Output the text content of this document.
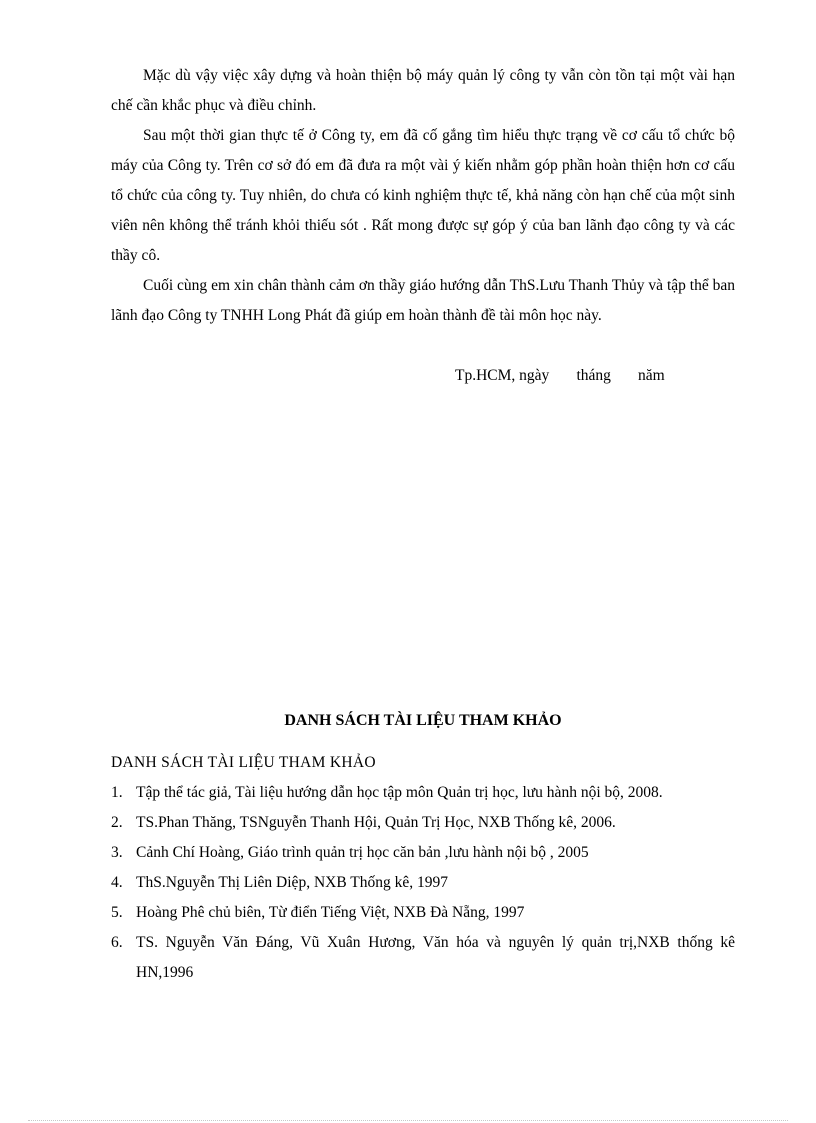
Mặc dù vậy việc xây dựng và hoàn thiện bộ máy quản lý công ty vẫn còn tồn tại một vài hạn chế cần khắc phục và điều chỉnh.

Sau một thời gian thực tế ở Công ty, em đã cố gắng tìm hiểu thực trạng về cơ cấu tổ chức bộ máy của Công ty. Trên cơ sở đó em đã đưa ra một vài ý kiến nhằm góp phần hoàn thiện hơn cơ cấu tổ chức của công ty. Tuy nhiên, do chưa có kinh nghiệm thực tế, khả năng còn hạn chế của một sinh viên nên không thể tránh khỏi thiếu sót . Rất mong được sự góp ý của ban lãnh đạo công ty và các thầy cô.

Cuối cùng em xin chân thành cảm ơn thầy giáo hướng dẫn ThS.Lưu Thanh Thủy và tập thể ban lãnh đạo Công ty TNHH Long Phát đã giúp em hoàn thành đề tài môn học này.

Tp.HCM, ngày tháng năm
DANH SÁCH TÀI LIỆU THAM KHẢO
DANH SÁCH TÀI LIỆU THAM KHẢO
1. Tập thể tác giả, Tài liệu hướng dẫn học tập môn Quản trị học, lưu hành nội bộ, 2008.
2. TS.Phan Thăng, TSNguyễn Thanh Hội, Quản Trị Học, NXB Thống kê, 2006.
3. Cảnh Chí Hoàng, Giáo trình quản trị học căn bản ,lưu hành nội bộ , 2005
4. ThS.Nguyễn Thị Liên Diệp, NXB Thống kê, 1997
5. Hoàng Phê chủ biên, Từ điển Tiếng Việt, NXB Đà Nẵng, 1997
6. TS. Nguyễn Văn Đáng, Vũ Xuân Hương, Văn hóa và nguyên lý quản trị,NXB thống kê HN,1996
